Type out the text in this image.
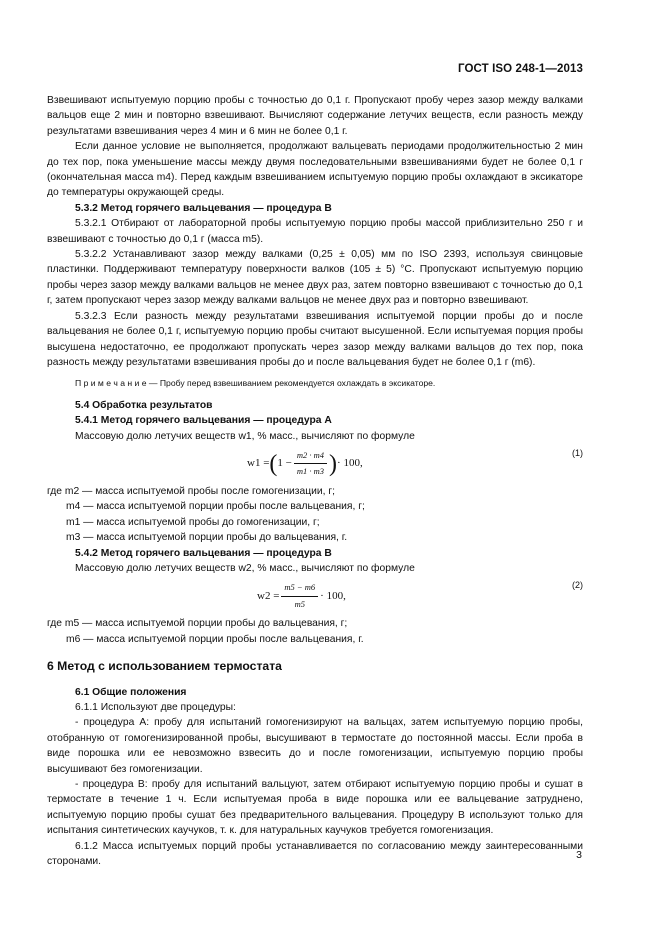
ГОСТ ISO 248-1—2013

Взвешивают испытуемую порцию пробы с точностью до 0,1 г. Пропускают пробу через зазор между валками вальцов еще 2 мин и повторно взвешивают. Вычисляют содержание летучих веществ, если разность между результатами взвешивания через 4 мин и 6 мин не более 0,1 г.

Если данное условие не выполняется, продолжают вальцевать периодами продолжительностью 2 мин до тех пор, пока уменьшение массы между двумя последовательными взвешиваниями будет не более 0,1 г (окончательная масса m4). Перед каждым взвешиванием испытуемую порцию пробы охлаждают в эксикаторе до температуры окружающей среды.

5.3.2 Метод горячего вальцевания — процедура В

5.3.2.1 Отбирают от лабораторной пробы испытуемую порцию пробы массой приблизительно 250 г и взвешивают с точностью до 0,1 г (масса m5).

5.3.2.2 Устанавливают зазор между валками (0,25 ± 0,05) мм по ISO 2393, используя свинцовые пластинки. Поддерживают температуру поверхности валков (105 ± 5) °С. Пропускают испытуемую порцию пробы через зазор между валками вальцов не менее двух раз, затем повторно взвешивают с точностью до 0,1 г, затем пропускают через зазор между валками вальцов не менее двух раз и повторно взвешивают.

5.3.2.3 Если разность между результатами взвешивания испытуемой порции пробы до и после вальцевания не более 0,1 г, испытуемую порцию пробы считают высушенной. Если испытуемая порция пробы высушена недостаточно, ее продолжают пропускать через зазор между валками вальцов до тех пор, пока разность между результатами взвешивания пробы до и после вальцевания будет не более 0,1 г (m6).

П р и м е ч а н и е — Пробу перед взвешиванием рекомендуется охлаждать в эксикаторе.

5.4 Обработка результатов

5.4.1 Метод горячего вальцевания — процедура А

Массовую долю летучих веществ w1, % масс., вычисляют по формуле

w1 = ( $1 - \frac{m2 \cdot m4}{m1 \cdot m3}$ ) · 100,
(1)

где m2 — масса испытуемой пробы после гомогенизации, г;

m4 — масса испытуемой порции пробы после вальцевания, г;

m1 — масса испытуемой пробы до гомогенизации, г;

m3 — масса испытуемой порции пробы до вальцевания, г.

5.4.2 Метод горячего вальцевания — процедура В

Массовую долю летучих веществ w2, % масс., вычисляют по формуле

$w2 = \frac{m5 - m6}{m5} \cdot 100$,
(2)

где m5 — масса испытуемой порции пробы до вальцевания, г;

m6 — масса испытуемой порции пробы после вальцевания, г.

6 Метод с использованием термостата

6.1 Общие положения

6.1.1 Используют две процедуры:

- процедура А: пробу для испытаний гомогенизируют на вальцах, затем испытуемую порцию пробы, отобранную от гомогенизированной пробы, высушивают в термостате до постоянной массы. Если проба в виде порошка или ее невозможно взвесить до и после гомогенизации, испытуемую порцию пробы высушивают без гомогенизации.

- процедура В: пробу для испытаний вальцуют, затем отбирают испытуемую порцию пробы и сушат в термостате в течение 1 ч. Если испытуемая проба в виде порошка или ее вальцевание затруднено, испытуемую порцию пробы сушат без предварительного вальцевания. Процедуру В используют только для испытания синтетических каучуков, т. к. для натуральных каучуков требуется гомогенизация.

6.1.2 Масса испытуемых порций пробы устанавливается по согласованию между заинтересованными сторонами.

3
